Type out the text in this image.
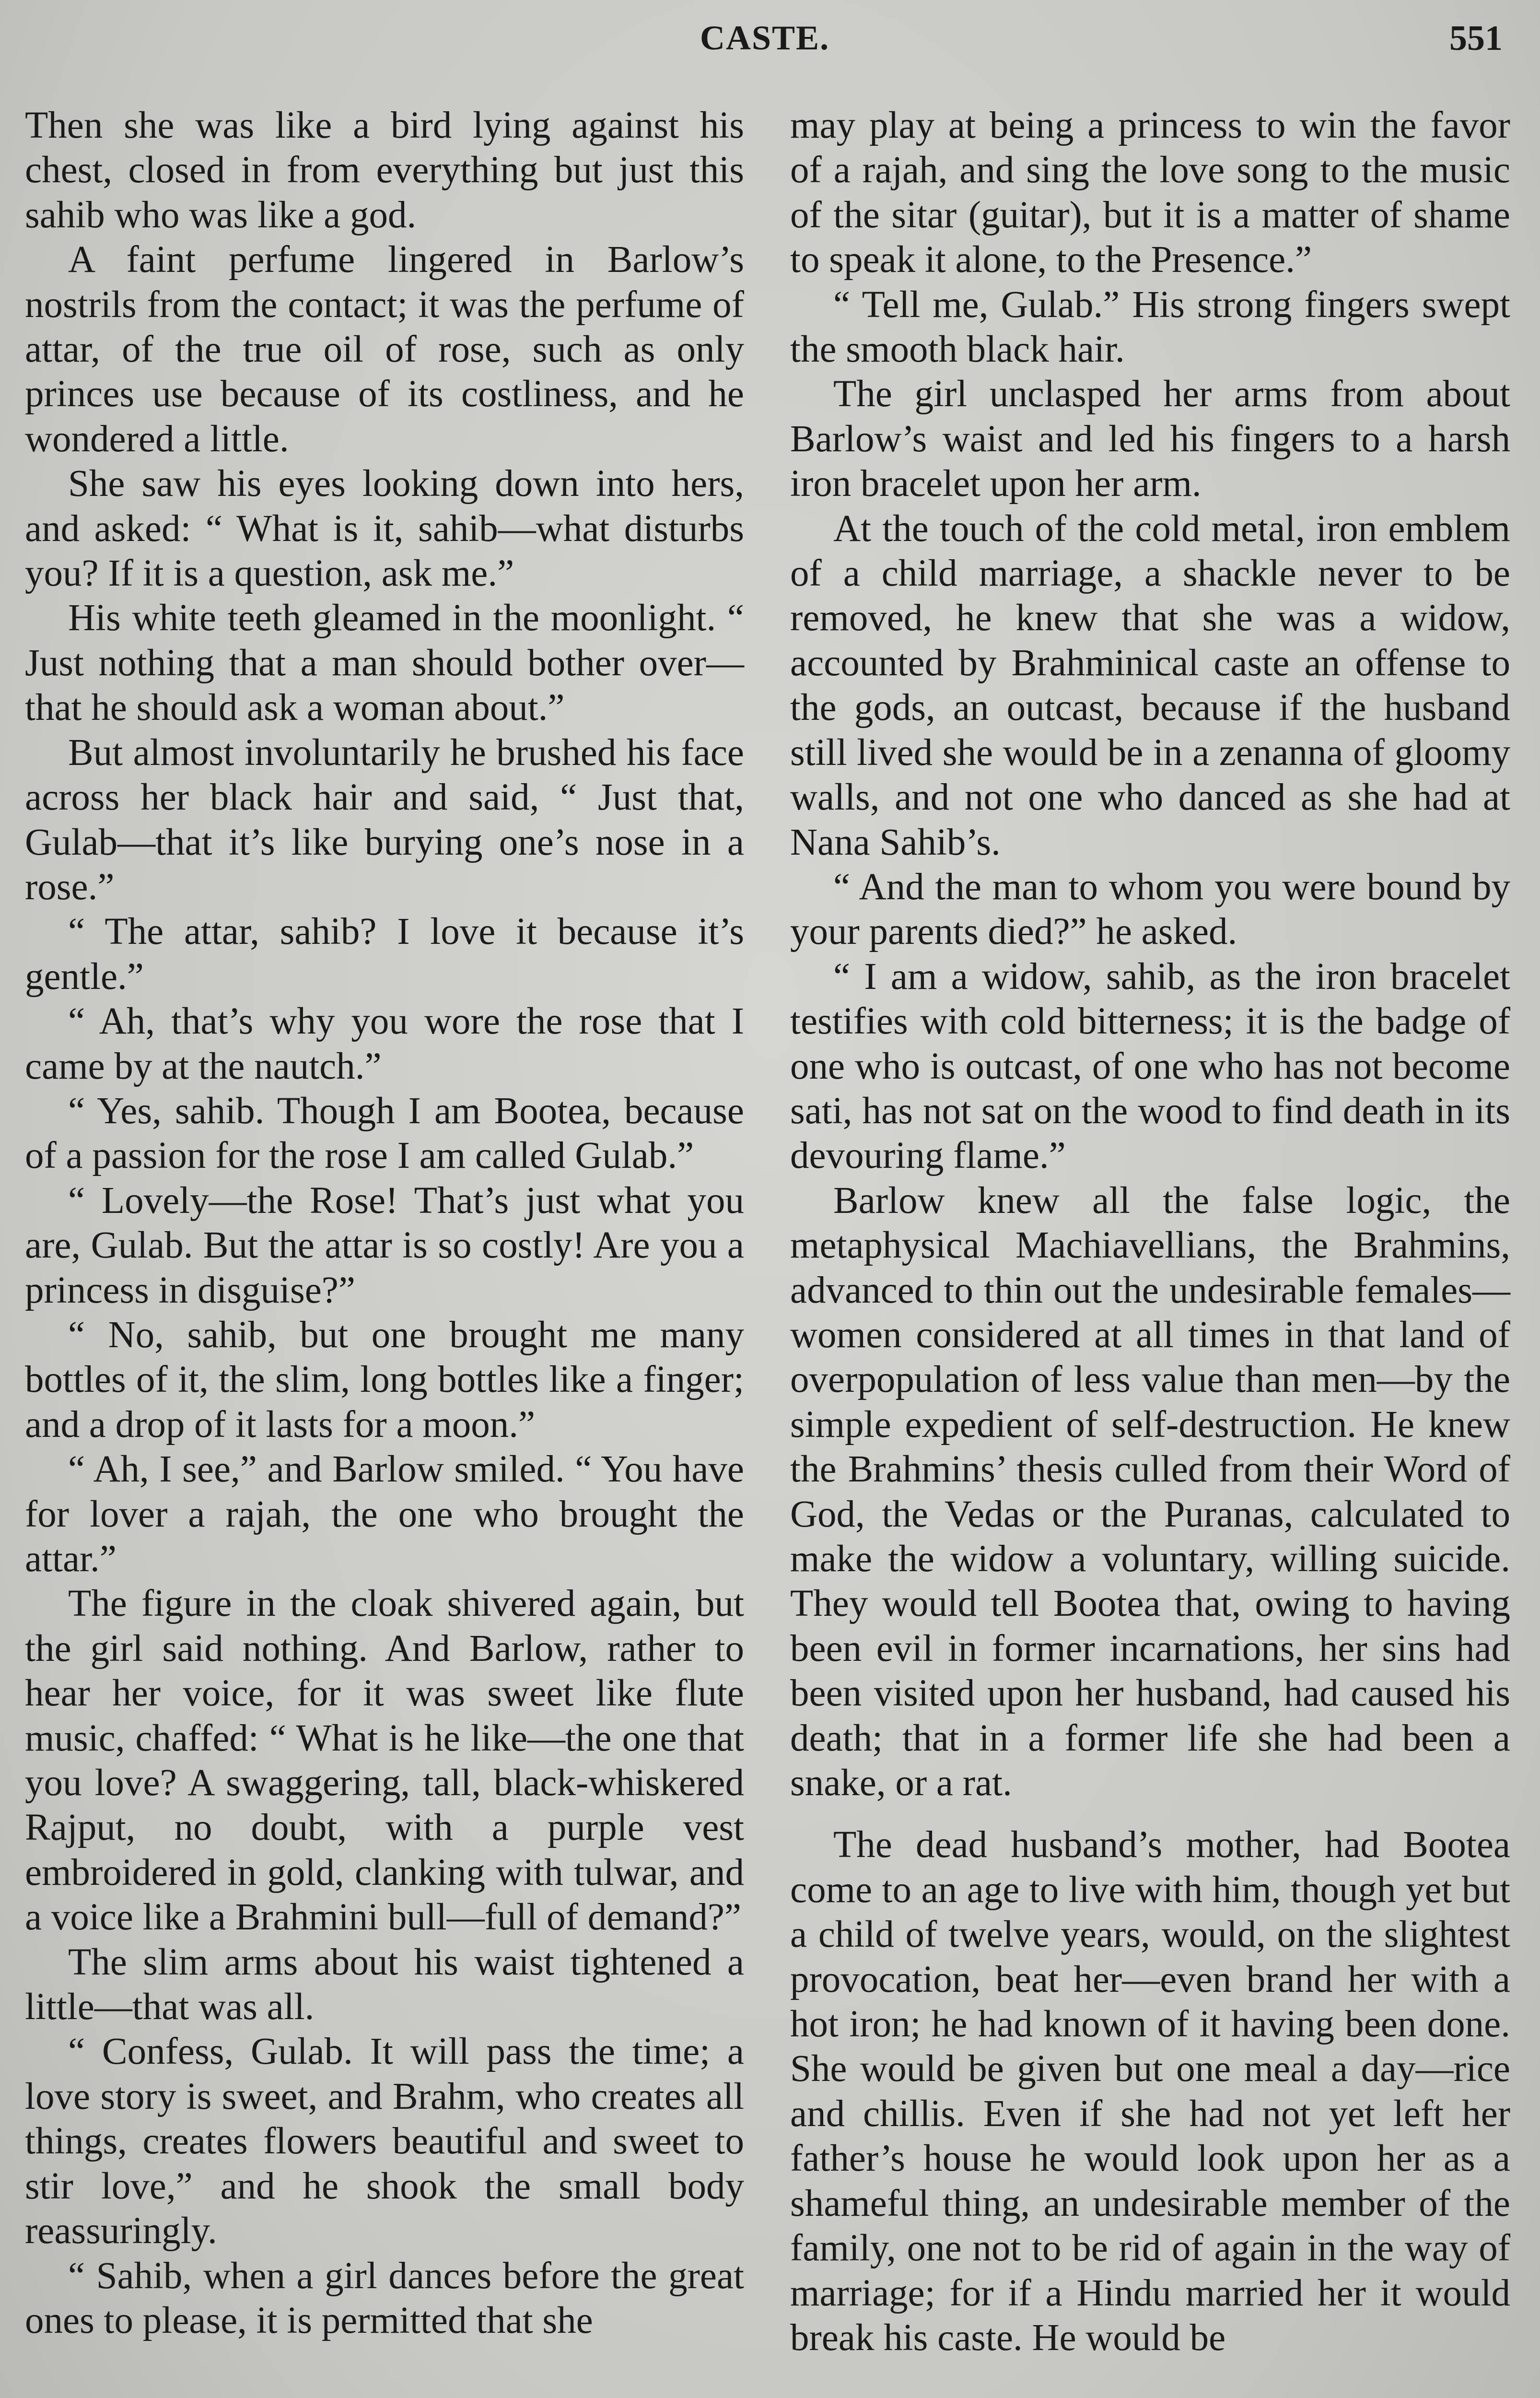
CASTE.	551

Then she was like a bird lying against his chest, closed in from everything but just this sahib who was like a god.

A faint perfume lingered in Barlow’s nostrils from the contact; it was the perfume of attar, of the true oil of rose, such as only princes use because of its costliness, and he wondered a little.

She saw his eyes looking down into hers, and asked: “ What is it, sahib—what disturbs you? If it is a question, ask me.”

His white teeth gleamed in the moonlight. “ Just nothing that a man should bother over—that he should ask a woman about.”

But almost involuntarily he brushed his face across her black hair and said, “ Just that, Gulab—that it’s like burying one’s nose in a rose.”

“ The attar, sahib? I love it because it’s gentle.”

“ Ah, that’s why you wore the rose that I came by at the nautch.”

“ Yes, sahib. Though I am Bootea, because of a passion for the rose I am called Gulab.”

“ Lovely—the Rose! That’s just what you are, Gulab. But the attar is so costly! Are you a princess in disguise?”

“ No, sahib, but one brought me many bottles of it, the slim, long bottles like a finger; and a drop of it lasts for a moon.”

“ Ah, I see,” and Barlow smiled. “ You have for lover a rajah, the one who brought the attar.”

The figure in the cloak shivered again, but the girl said nothing. And Barlow, rather to hear her voice, for it was sweet like flute music, chaffed: “ What is he like—the one that you love? A swaggering, tall, black-whiskered Rajput, no doubt, with a purple vest embroidered in gold, clanking with tulwar, and a voice like a Brahmini bull—full of demand?”

The slim arms about his waist tightened a little—that was all.

“ Confess, Gulab. It will pass the time; a love story is sweet, and Brahm, who creates all things, creates flowers beautiful and sweet to stir love,” and he shook the small body reassuringly.

“ Sahib, when a girl dances before the great ones to please, it is permitted that she

may play at being a princess to win the favor of a rajah, and sing the love song to the music of the sitar (guitar), but it is a matter of shame to speak it alone, to the Presence.”

“ Tell me, Gulab.” His strong fingers swept the smooth black hair.

The girl unclasped her arms from about Barlow’s waist and led his fingers to a harsh iron bracelet upon her arm.

At the touch of the cold metal, iron emblem of a child marriage, a shackle never to be removed, he knew that she was a widow, accounted by Brahminical caste an offense to the gods, an outcast, because if the husband still lived she would be in a zenanna of gloomy walls, and not one who danced as she had at Nana Sahib’s.

“ And the man to whom you were bound by your parents died?” he asked.

“ I am a widow, sahib, as the iron bracelet testifies with cold bitterness; it is the badge of one who is outcast, of one who has not become sati, has not sat on the wood to find death in its devouring flame.”

Barlow knew all the false logic, the metaphysical Machiavellians, the Brahmins, advanced to thin out the undesirable females—women considered at all times in that land of overpopulation of less value than men—by the simple expedient of self-destruction. He knew the Brahmins’ thesis culled from their Word of God, the Vedas or the Puranas, calculated to make the widow a voluntary, willing suicide. They would tell Bootea that, owing to having been evil in former incarnations, her sins had been visited upon her husband, had caused his death; that in a former life she had been a snake, or a rat.

The dead husband’s mother, had Bootea come to an age to live with him, though yet but a child of twelve years, would, on the slightest provocation, beat her—even brand her with a hot iron; he had known of it having been done. She would be given but one meal a day—rice and chillis. Even if she had not yet left her father’s house he would look upon her as a shameful thing, an undesirable member of the family, one not to be rid of again in the way of marriage; for if a Hindu married her it would break his caste. He would be
